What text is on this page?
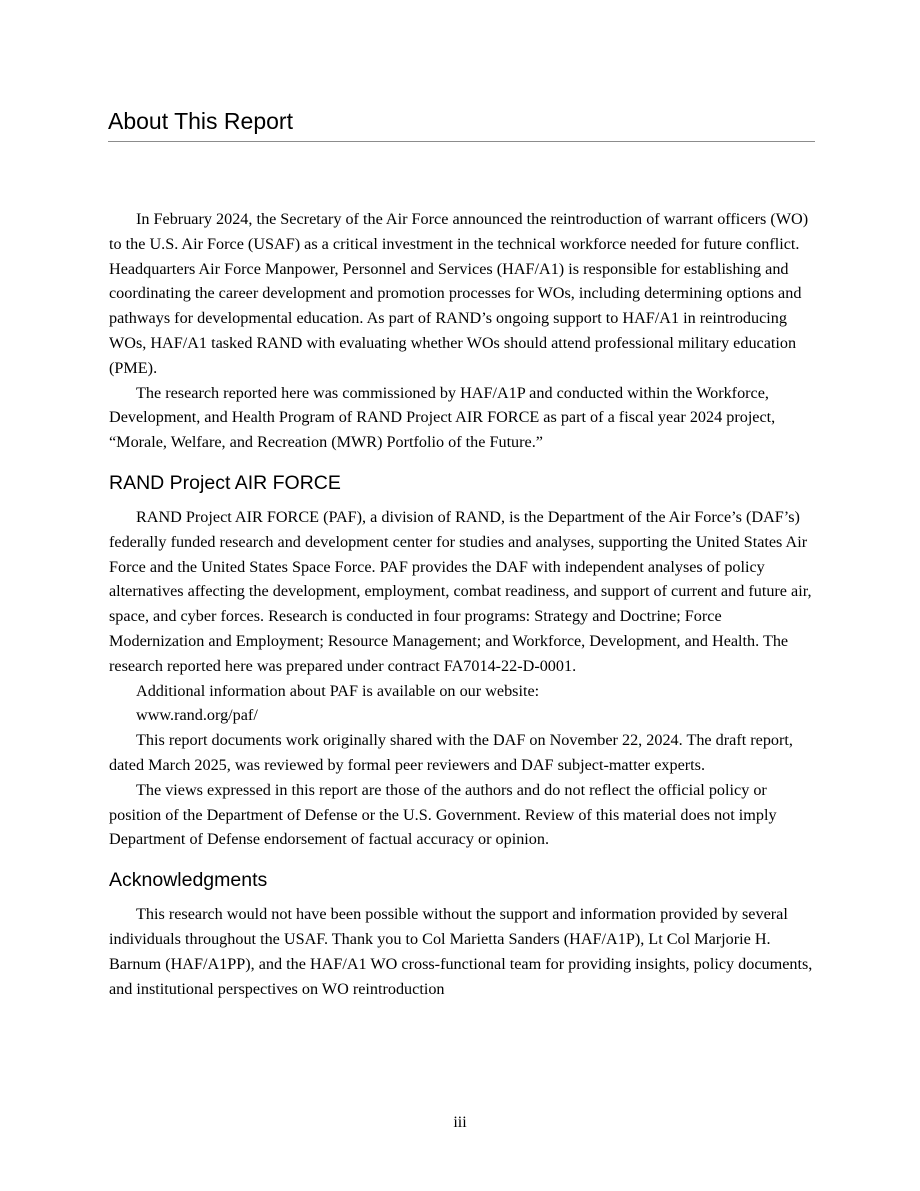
About This Report

In February 2024, the Secretary of the Air Force announced the reintroduction of warrant officers (WO) to the U.S. Air Force (USAF) as a critical investment in the technical workforce needed for future conflict. Headquarters Air Force Manpower, Personnel and Services (HAF/A1) is responsible for establishing and coordinating the career development and promotion processes for WOs, including determining options and pathways for developmental education. As part of RAND’s ongoing support to HAF/A1 in reintroducing WOs, HAF/A1 tasked RAND with evaluating whether WOs should attend professional military education (PME).

The research reported here was commissioned by HAF/A1P and conducted within the Workforce, Development, and Health Program of RAND Project AIR FORCE as part of a fiscal year 2024 project, “Morale, Welfare, and Recreation (MWR) Portfolio of the Future.”

RAND Project AIR FORCE

RAND Project AIR FORCE (PAF), a division of RAND, is the Department of the Air Force’s (DAF’s) federally funded research and development center for studies and analyses, supporting the United States Air Force and the United States Space Force. PAF provides the DAF with independent analyses of policy alternatives affecting the development, employment, combat readiness, and support of current and future air, space, and cyber forces. Research is conducted in four programs: Strategy and Doctrine; Force Modernization and Employment; Resource Management; and Workforce, Development, and Health. The research reported here was prepared under contract FA7014-22-D-0001.

Additional information about PAF is available on our website:

www.rand.org/paf/

This report documents work originally shared with the DAF on November 22, 2024. The draft report, dated March 2025, was reviewed by formal peer reviewers and DAF subject-matter experts.

The views expressed in this report are those of the authors and do not reflect the official policy or position of the Department of Defense or the U.S. Government. Review of this material does not imply Department of Defense endorsement of factual accuracy or opinion.

Acknowledgments

This research would not have been possible without the support and information provided by several individuals throughout the USAF. Thank you to Col Marietta Sanders (HAF/A1P), Lt Col Marjorie H. Barnum (HAF/A1PP), and the HAF/A1 WO cross-functional team for providing insights, policy documents, and institutional perspectives on WO reintroduction

iii
